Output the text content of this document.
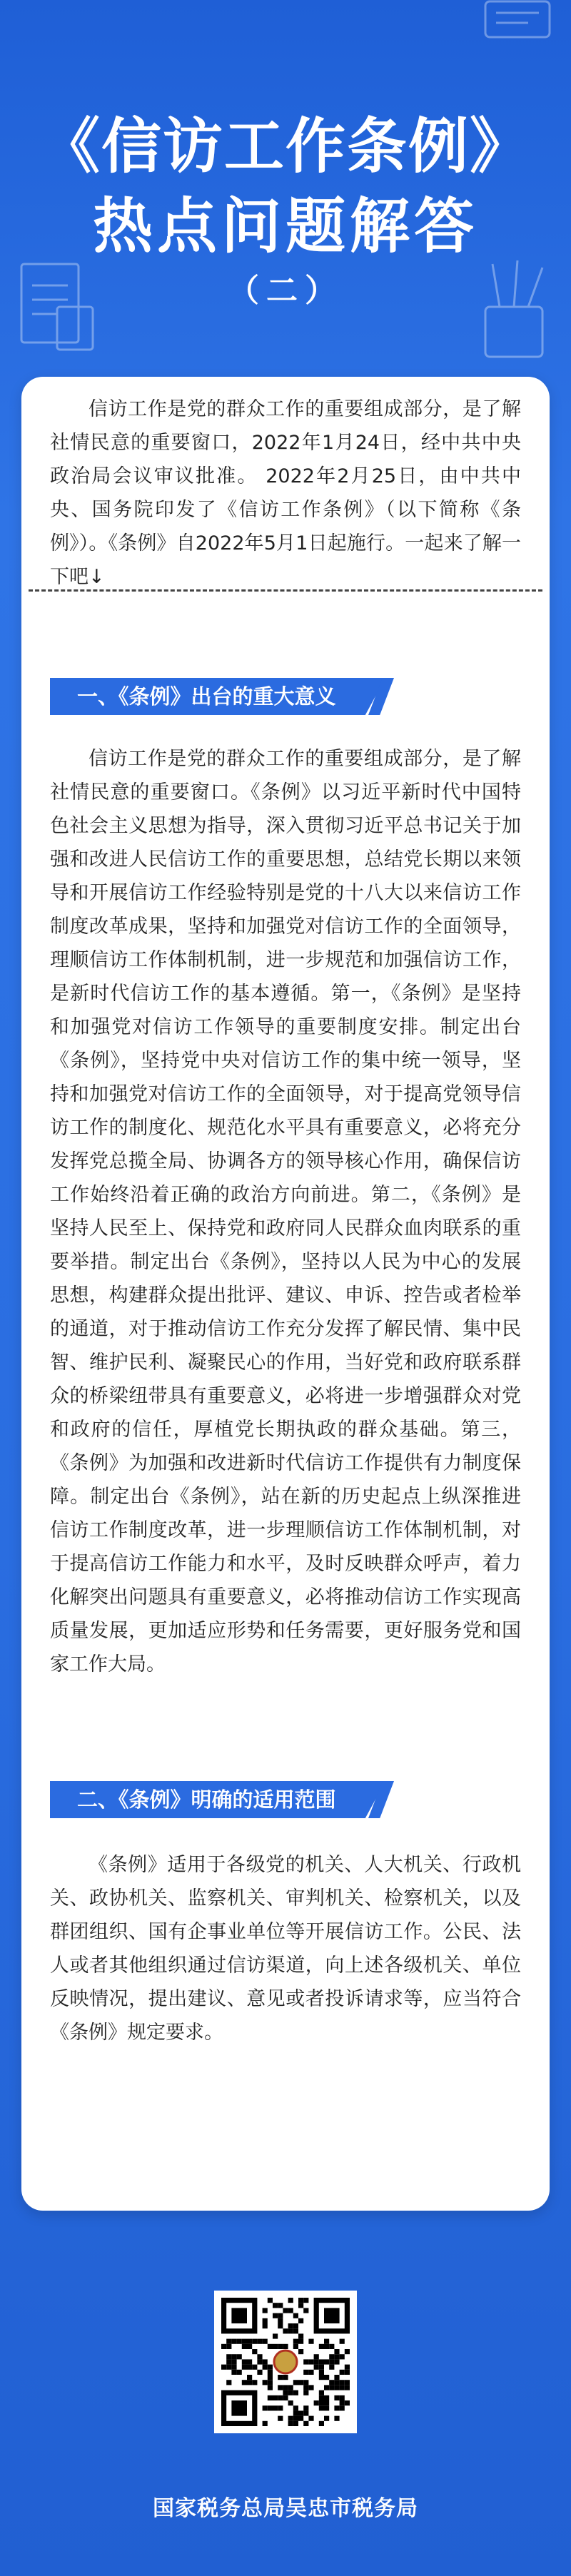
《信访工作条例》
热点问题解答
（二）

信访工作是党的群众工作的重要组成部分，是了解社情民意的重要窗口，2022年1月24日，经中共中央政治局会议审议批准。 2022年2月25日，由中共中央、国务院印发了《信访工作条例》（以下简称《条例》）。《条例》自2022年5月1日起施行。一起来了解一下吧↓

一、《条例》出台的重大意义

信访工作是党的群众工作的重要组成部分，是了解社情民意的重要窗口。《条例》以习近平新时代中国特色社会主义思想为指导，深入贯彻习近平总书记关于加强和改进人民信访工作的重要思想，总结党长期以来领导和开展信访工作经验特别是党的十八大以来信访工作制度改革成果，坚持和加强党对信访工作的全面领导，理顺信访工作体制机制，进一步规范和加强信访工作，是新时代信访工作的基本遵循。第一，《条例》是坚持和加强党对信访工作领导的重要制度安排。制定出台《条例》，坚持党中央对信访工作的集中统一领导，坚持和加强党对信访工作的全面领导，对于提高党领导信访工作的制度化、规范化水平具有重要意义，必将充分发挥党总揽全局、协调各方的领导核心作用，确保信访工作始终沿着正确的政治方向前进。第二，《条例》是坚持人民至上、保持党和政府同人民群众血肉联系的重要举措。制定出台《条例》，坚持以人民为中心的发展思想，构建群众提出批评、建议、申诉、控告或者检举的通道，对于推动信访工作充分发挥了解民情、集中民智、维护民利、凝聚民心的作用，当好党和政府联系群众的桥梁纽带具有重要意义，必将进一步增强群众对党和政府的信任，厚植党长期执政的群众基础。第三，《条例》为加强和改进新时代信访工作提供有力制度保障。制定出台《条例》，站在新的历史起点上纵深推进信访工作制度改革，进一步理顺信访工作体制机制，对于提高信访工作能力和水平，及时反映群众呼声，着力化解突出问题具有重要意义，必将推动信访工作实现高质量发展，更加适应形势和任务需要，更好服务党和国家工作大局。

二、《条例》明确的适用范围

《条例》适用于各级党的机关、人大机关、行政机关、政协机关、监察机关、审判机关、检察机关，以及群团组织、国有企事业单位等开展信访工作。公民、法人或者其他组织通过信访渠道，向上述各级机关、单位反映情况，提出建议、意见或者投诉请求等，应当符合《条例》规定要求。

国家税务总局吴忠市税务局
